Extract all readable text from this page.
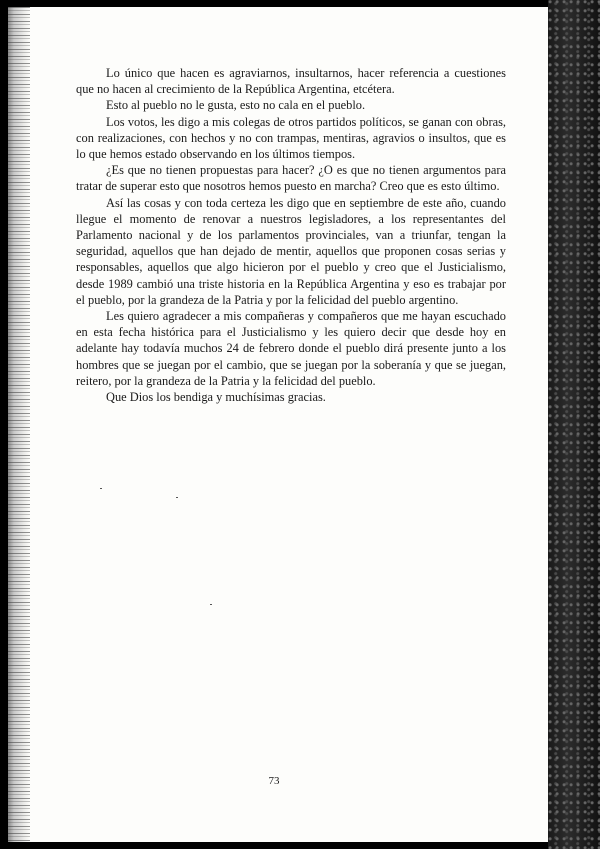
Lo único que hacen es agraviarnos, insultarnos, hacer referencia a cuestiones que no hacen al crecimiento de la República Argentina, etcétera.

Esto al pueblo no le gusta, esto no cala en el pueblo.

Los votos, les digo a mis colegas de otros partidos políticos, se ganan con obras, con realizaciones, con hechos y no con trampas, mentiras, agravios o insultos, que es lo que hemos estado observando en los últimos tiempos.

¿Es que no tienen propuestas para hacer? ¿O es que no tienen argumentos para tratar de superar esto que nosotros hemos puesto en marcha? Creo que es esto último.

Así las cosas y con toda certeza les digo que en septiembre de este año, cuando llegue el momento de renovar a nuestros legisladores, a los representantes del Parlamento nacional y de los parlamentos provinciales, van a triunfar, tengan la seguridad, aquellos que han dejado de mentir, aquellos que proponen cosas serias y responsables, aquellos que algo hicieron por el pueblo y creo que el Justicialismo, desde 1989 cambió una triste historia en la República Argentina y eso es trabajar por el pueblo, por la grandeza de la Patria y por la felicidad del pueblo argentino.

Les quiero agradecer a mis compañeras y compañeros que me hayan escuchado en esta fecha histórica para el Justicialismo y les quiero decir que desde hoy en adelante hay todavía muchos 24 de febrero donde el pueblo dirá presente junto a los hombres que se juegan por el cambio, que se juegan por la soberanía y que se juegan, reitero, por la grandeza de la Patria y la felicidad del pueblo.

Que Dios los bendiga y muchísimas gracias.

73
